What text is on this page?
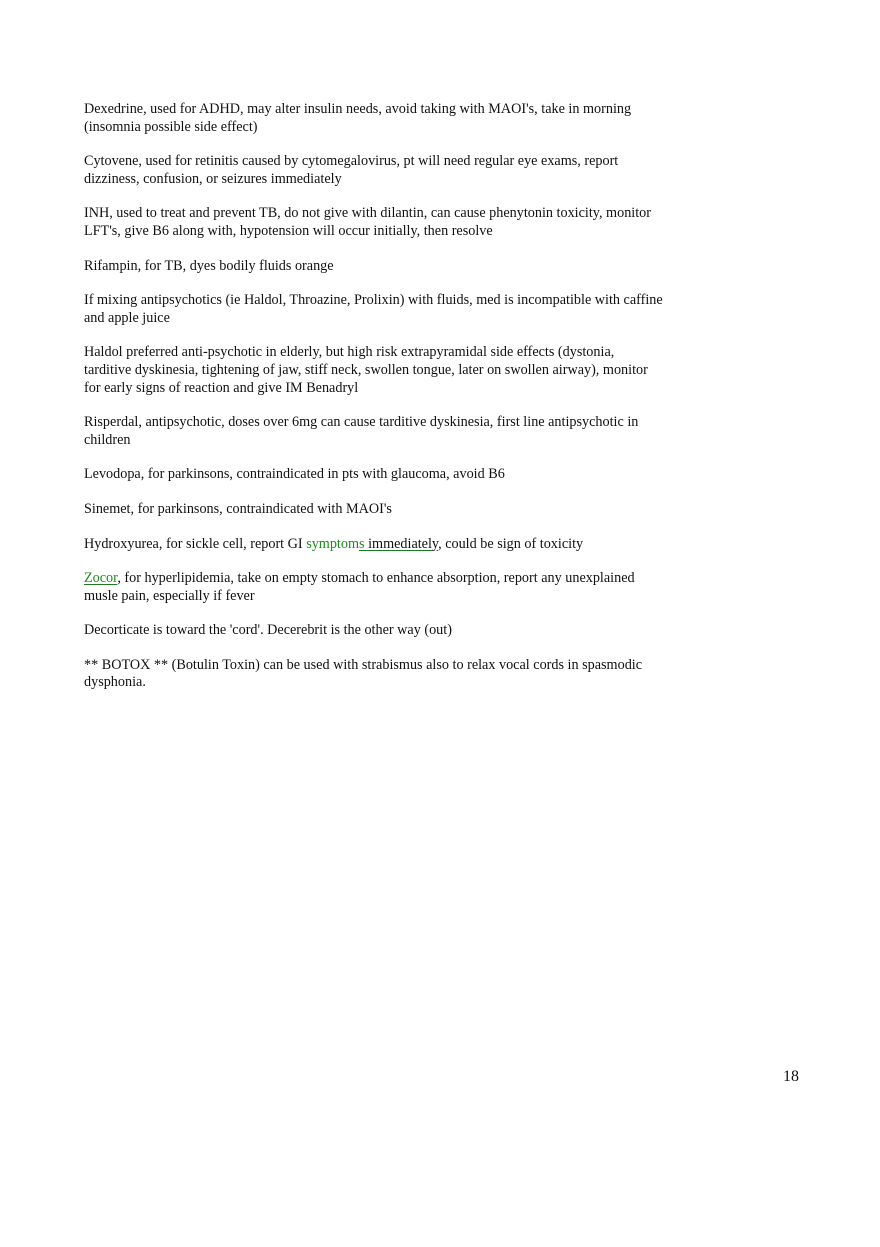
Dexedrine, used for ADHD, may alter insulin needs, avoid taking with MAOI's, take in morning (insomnia possible side effect)

Cytovene, used for retinitis caused by cytomegalovirus, pt will need regular eye exams, report dizziness, confusion, or seizures immediately

INH, used to treat and prevent TB, do not give with dilantin, can cause phenytonin toxicity, monitor LFT's, give B6 along with, hypotension will occur initially, then resolve

Rifampin, for TB, dyes bodily fluids orange

If mixing antipsychotics (ie Haldol, Throazine, Prolixin) with fluids, med is incompatible with caffine and apple juice

Haldol preferred anti-psychotic in elderly, but high risk extrapyramidal side effects (dystonia, tarditive dyskinesia, tightening of jaw, stiff neck, swollen tongue, later on swollen airway), monitor for early signs of reaction and give IM Benadryl

Risperdal, antipsychotic, doses over 6mg can cause tarditive dyskinesia, first line antipsychotic in children

Levodopa, for parkinsons, contraindicated in pts with glaucoma, avoid B6

Sinemet, for parkinsons, contraindicated with MAOI's

Hydroxyurea, for sickle cell, report GI symptoms immediately, could be sign of toxicity

Zocor, for hyperlipidemia, take on empty stomach to enhance absorption, report any unexplained musle pain, especially if fever

Decorticate is toward the 'cord'. Decerebrit is the other way (out)

** BOTOX ** (Botulin Toxin) can be used with strabismus also to relax vocal cords in spasmodic dysphonia.

18
